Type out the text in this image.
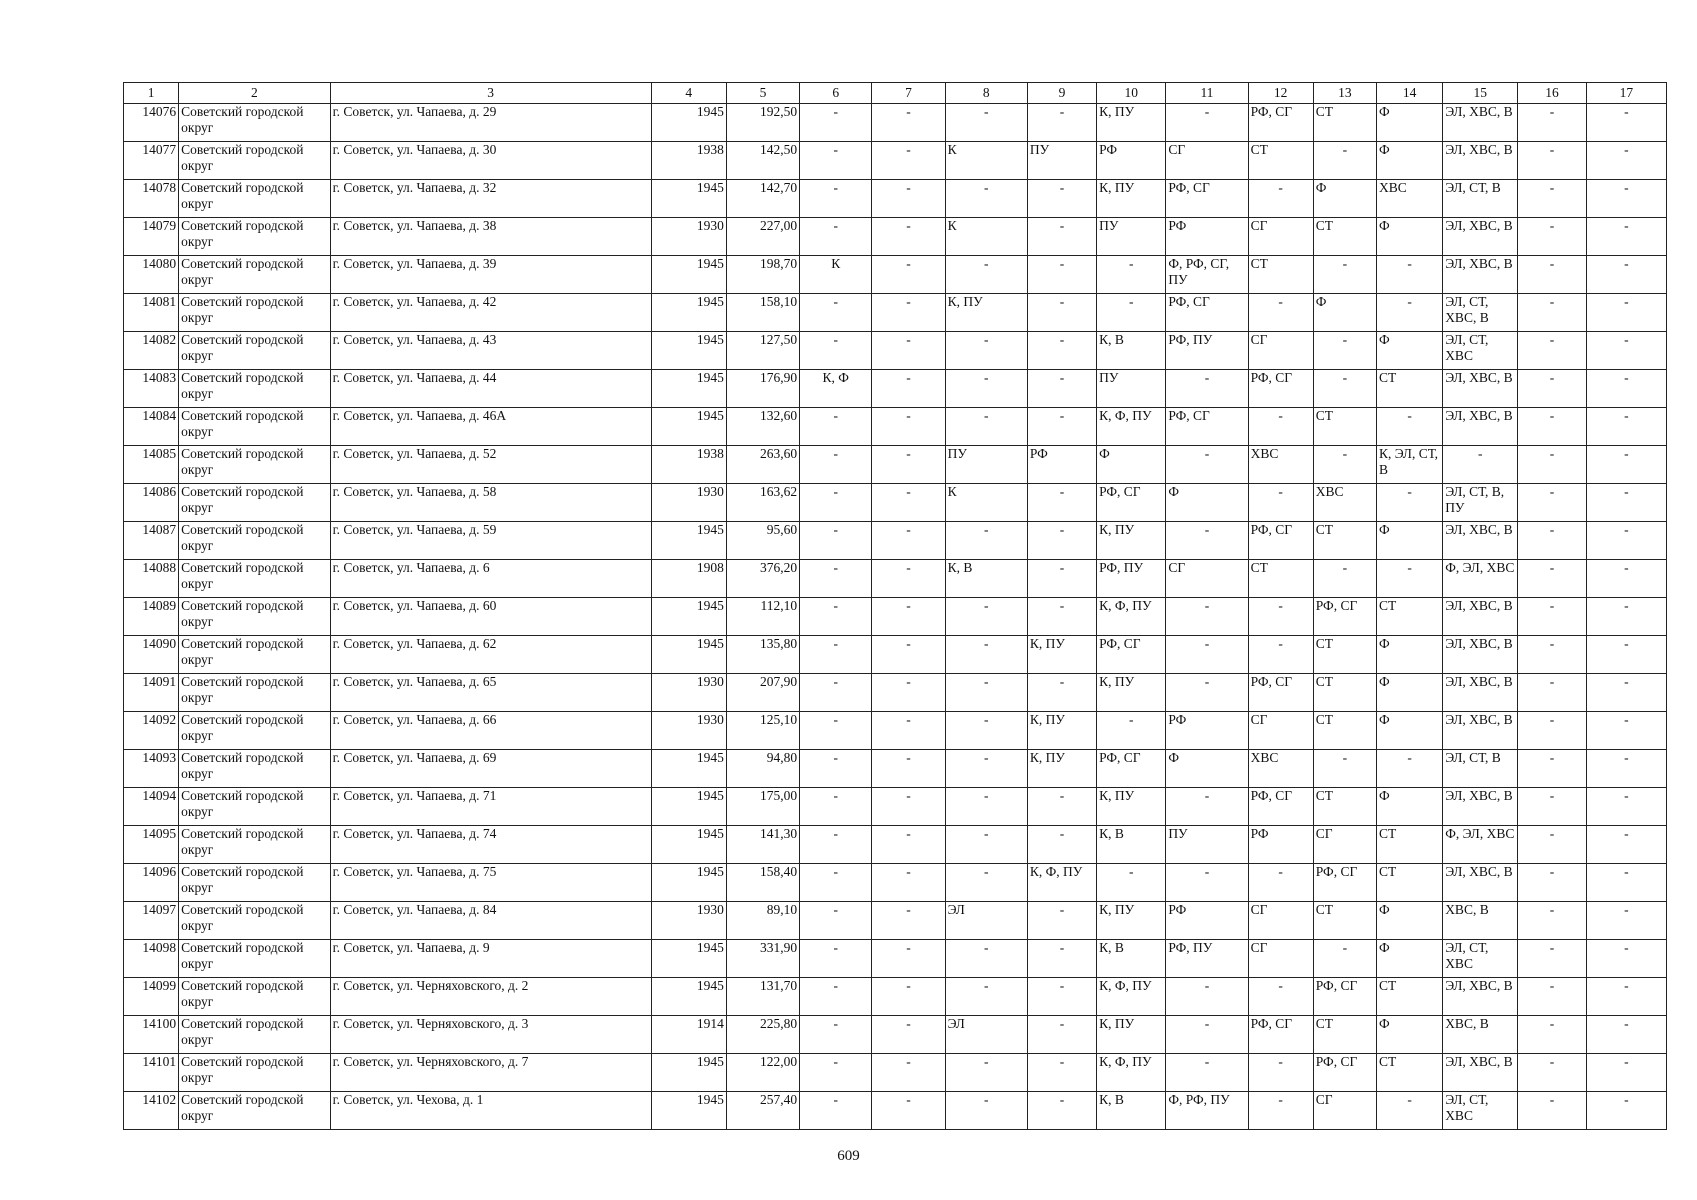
1	2	3	4	5	6	7	8	9	10	11	12	13	14	15	16	17
14076	Советский городской округ	г. Советск, ул. Чапаева, д. 29	1945	192,50	-	-	-	-	К, ПУ	-	РФ, СГ	СТ	Ф	ЭЛ, ХВС, В	-	-
14077	Советский городской округ	г. Советск, ул. Чапаева, д. 30	1938	142,50	-	-	К	ПУ	РФ	СГ	СТ	-	Ф	ЭЛ, ХВС, В	-	-
14078	Советский городской округ	г. Советск, ул. Чапаева, д. 32	1945	142,70	-	-	-	-	К, ПУ	РФ, СГ	-	Ф	ХВС	ЭЛ, СТ, В	-	-
14079	Советский городской округ	г. Советск, ул. Чапаева, д. 38	1930	227,00	-	-	К	-	ПУ	РФ	СГ	СТ	Ф	ЭЛ, ХВС, В	-	-
14080	Советский городской округ	г. Советск, ул. Чапаева, д. 39	1945	198,70	К	-	-	-	-	Ф, РФ, СГ, ПУ	СТ	-	-	ЭЛ, ХВС, В	-	-
14081	Советский городской округ	г. Советск, ул. Чапаева, д. 42	1945	158,10	-	-	К, ПУ	-	-	РФ, СГ	-	Ф	-	ЭЛ, СТ, ХВС, В	-	-
14082	Советский городской округ	г. Советск, ул. Чапаева, д. 43	1945	127,50	-	-	-	-	К, В	РФ, ПУ	СГ	-	Ф	ЭЛ, СТ, ХВС	-	-
14083	Советский городской округ	г. Советск, ул. Чапаева, д. 44	1945	176,90	К, Ф	-	-	-	ПУ	-	РФ, СГ	-	СТ	ЭЛ, ХВС, В	-	-
14084	Советский городской округ	г. Советск, ул. Чапаева, д. 46А	1945	132,60	-	-	-	-	К, Ф, ПУ	РФ, СГ	-	СТ	-	ЭЛ, ХВС, В	-	-
14085	Советский городской округ	г. Советск, ул. Чапаева, д. 52	1938	263,60	-	-	ПУ	РФ	Ф	-	ХВС	-	К, ЭЛ, СТ, В	-	-	-
14086	Советский городской округ	г. Советск, ул. Чапаева, д. 58	1930	163,62	-	-	К	-	РФ, СГ	Ф	-	ХВС	-	ЭЛ, СТ, В, ПУ	-	-
14087	Советский городской округ	г. Советск, ул. Чапаева, д. 59	1945	95,60	-	-	-	-	К, ПУ	-	РФ, СГ	СТ	Ф	ЭЛ, ХВС, В	-	-
14088	Советский городской округ	г. Советск, ул. Чапаева, д. 6	1908	376,20	-	-	К, В	-	РФ, ПУ	СГ	СТ	-	-	Ф, ЭЛ, ХВС	-	-
14089	Советский городской округ	г. Советск, ул. Чапаева, д. 60	1945	112,10	-	-	-	-	К, Ф, ПУ	-	-	РФ, СГ	СТ	ЭЛ, ХВС, В	-	-
14090	Советский городской округ	г. Советск, ул. Чапаева, д. 62	1945	135,80	-	-	-	К, ПУ	РФ, СГ	-	-	СТ	Ф	ЭЛ, ХВС, В	-	-
14091	Советский городской округ	г. Советск, ул. Чапаева, д. 65	1930	207,90	-	-	-	-	К, ПУ	-	РФ, СГ	СТ	Ф	ЭЛ, ХВС, В	-	-
14092	Советский городской округ	г. Советск, ул. Чапаева, д. 66	1930	125,10	-	-	-	К, ПУ	-	РФ	СГ	СТ	Ф	ЭЛ, ХВС, В	-	-
14093	Советский городской округ	г. Советск, ул. Чапаева, д. 69	1945	94,80	-	-	-	К, ПУ	РФ, СГ	Ф	ХВС	-	-	ЭЛ, СТ, В	-	-
14094	Советский городской округ	г. Советск, ул. Чапаева, д. 71	1945	175,00	-	-	-	-	К, ПУ	-	РФ, СГ	СТ	Ф	ЭЛ, ХВС, В	-	-
14095	Советский городской округ	г. Советск, ул. Чапаева, д. 74	1945	141,30	-	-	-	-	К, В	ПУ	РФ	СГ	СТ	Ф, ЭЛ, ХВС	-	-
14096	Советский городской округ	г. Советск, ул. Чапаева, д. 75	1945	158,40	-	-	-	К, Ф, ПУ	-	-	-	РФ, СГ	СТ	ЭЛ, ХВС, В	-	-
14097	Советский городской округ	г. Советск, ул. Чапаева, д. 84	1930	89,10	-	-	ЭЛ	-	К, ПУ	РФ	СГ	СТ	Ф	ХВС, В	-	-
14098	Советский городской округ	г. Советск, ул. Чапаева, д. 9	1945	331,90	-	-	-	-	К, В	РФ, ПУ	СГ	-	Ф	ЭЛ, СТ, ХВС	-	-
14099	Советский городской округ	г. Советск, ул. Черняховского, д. 2	1945	131,70	-	-	-	-	К, Ф, ПУ	-	-	РФ, СГ	СТ	ЭЛ, ХВС, В	-	-
14100	Советский городской округ	г. Советск, ул. Черняховского, д. 3	1914	225,80	-	-	ЭЛ	-	К, ПУ	-	РФ, СГ	СТ	Ф	ХВС, В	-	-
14101	Советский городской округ	г. Советск, ул. Черняховского, д. 7	1945	122,00	-	-	-	-	К, Ф, ПУ	-	-	РФ, СГ	СТ	ЭЛ, ХВС, В	-	-
14102	Советский городской округ	г. Советск, ул. Чехова, д. 1	1945	257,40	-	-	-	-	К, В	Ф, РФ, ПУ	-	СГ	-	ЭЛ, СТ, ХВС	-	-
609
